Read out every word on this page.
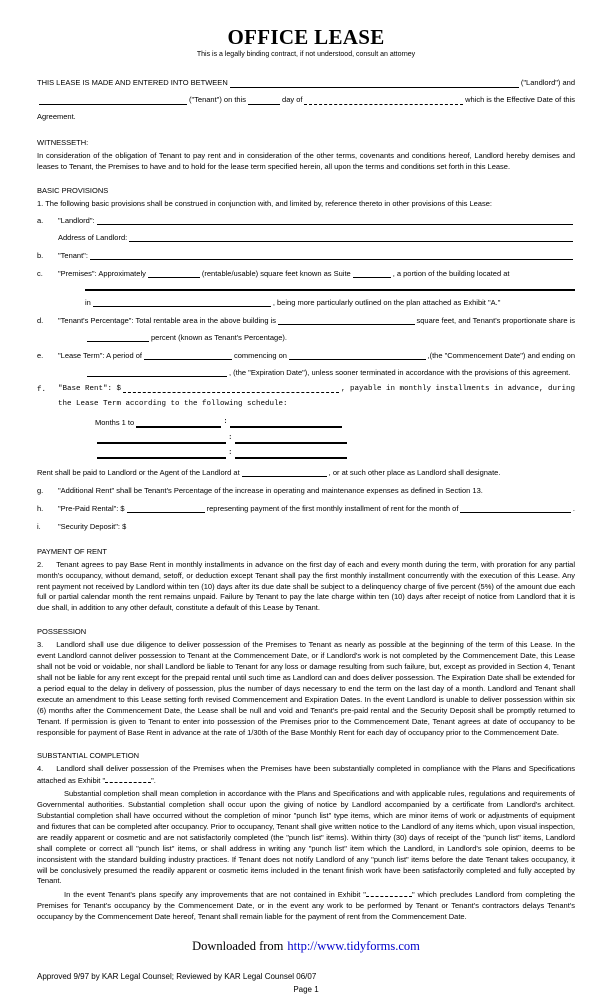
OFFICE LEASE
This is a legally binding contract, if not understood, consult an attorney
THIS LEASE IS MADE AND ENTERED INTO BETWEEN	("Landlord") and
("Tenant") on this	day of	which is the Effective Date of this
Agreement.
WITNESSETH:

In consideration of the obligation of Tenant to pay rent and in consideration of the other terms, covenants and conditions hereof, Landlord hereby demises and leases to Tenant, the Premises to have and to hold for the lease term specified herein, all upon the terms and conditions set forth in this Lease.

BASIC PROVISIONS
1. The following basic provisions shall be construed in conjunction with, and limited by, reference thereto in other provisions of this Lease:
a.	"Landlord":
Address of Landlord:
b.	"Tenant":
c.	"Premises": Approximately	(rentable/usable) square feet known as Suite	, a portion of the building located at
in	, being more particularly outlined on the plan attached as Exhibit "A."
d.	"Tenant's Percentage": Total rentable area in the above building is	square feet, and Tenant's proportionate share is
percent (known as Tenant's Percentage).
e.	"Lease Term": A period of	commencing on	,(the "Commencement Date") and ending on
, (the "Expiration Date"), unless sooner terminated in accordance with the provisions of this agreement.
f.	"Base Rent": $	, payable in monthly installments in advance, during
the Lease Term according to the following schedule:
Months 1 to	:
:
:
Rent shall be paid to Landlord or the Agent of the Landlord at	, or at such other place as Landlord shall designate.
g.	"Additional Rent" shall be Tenant's Percentage of the increase in operating and maintenance expenses as defined in Section 13.
h.	"Pre-Paid Rental": $	representing payment of the first monthly installment of rent for the month of	.
i.	"Security Deposit": $
PAYMENT OF RENT

2. Tenant agrees to pay Base Rent in monthly installments in advance on the first day of each and every month during the term, with proration for any partial month's occupancy, without demand, setoff, or deduction except Tenant shall pay the first monthly installment concurrently with the execution of this Lease. Any rent payment not received by Landlord within ten (10) days after its due date shall be subject to a delinquency charge of five percent (5%) of the amount due each full or partial calendar month the rent remains unpaid. Failure by Tenant to pay the late charge within ten (10) days after receipt of notice from Landlord that it is due shall, in addition to any other default, constitute a default of this Lease by Tenant.

POSSESSION

3. Landlord shall use due diligence to deliver possession of the Premises to Tenant as nearly as possible at the beginning of the term of this Lease. In the event Landlord cannot deliver possession to Tenant at the Commencement Date, or if Landlord's work is not completed by the Commencement Date, this Lease shall not be void or voidable, nor shall Landlord be liable to Tenant for any loss or damage resulting from such failure, but, except as provided in Section 4, Tenant shall not be liable for any rent except for the prepaid rental until such time as Landlord can and does deliver possession. The Expiration Date shall be extended for a period equal to the delay in delivery of possession, plus the number of days necessary to end the term on the last day of a month. Landlord and Tenant shall execute an amendment to this Lease setting forth revised Commencement and Expiration Dates. In the event Landlord is unable to deliver possession within six (6) months after the Commencement Date, the Lease shall be null and void and Tenant's pre-paid rental and the Security Deposit shall be promptly returned to Tenant. If permission is given to Tenant to enter into possession of the Premises prior to the Commencement Date, Tenant agrees at date of occupancy to be responsible for payment of Base Rent in advance at the rate of 1/30th of the Base Monthly Rent for each day of occupancy prior to the Commencement Date.

SUBSTANTIAL COMPLETION

4. Landlord shall deliver possession of the Premises when the Premises have been substantially completed in compliance with the Plans and Specifications attached as Exhibit "	".

Substantial completion shall mean completion in accordance with the Plans and Specifications and with applicable rules, regulations and requirements of Governmental authorities. Substantial completion shall occur upon the giving of notice by Landlord accompanied by a certificate from Landlord's architect. Substantial completion shall have occurred without the completion of minor "punch list" type items, which are minor items of work or adjustments of equipment and fixtures that can be completed after occupancy. Prior to occupancy, Tenant shall give written notice to the Landlord of any items which, upon visual inspection, are readily apparent or cosmetic and are not satisfactorily completed (the "punch list" items). Within thirty (30) days of receipt of the "punch list" items, Landlord shall complete or correct all "punch list" items, or shall address in writing any "punch list" item which the Landlord, in Landlord's sole opinion, deems to be inconsistent with the standard building industry practices. If Tenant does not notify Landlord of any "punch list" items before the date Tenant takes occupancy, it will be conclusively presumed the readily apparent or cosmetic items included in the tenant finish work have been satisfactorily completed and fully accepted by Tenant.

In the event Tenant's plans specify any improvements that are not contained in Exhibit "	" which precludes Landlord from completing the Premises for Tenant's occupancy by the Commencement Date, or in the event any work to be performed by Tenant or Tenant's contractors delays Tenant's occupancy by the Commencement Date hereof, Tenant shall remain liable for the payment of rent from the Commencement Date.

Downloaded from http://www.tidyforms.com
Approved 9/97 by KAR Legal Counsel; Reviewed by KAR Legal Counsel 06/07
Page 1
